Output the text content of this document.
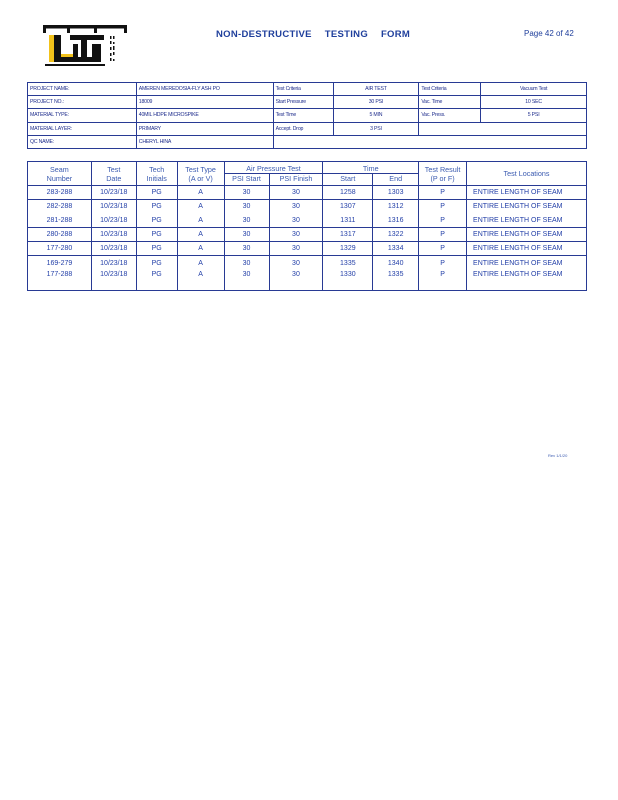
NON-DESTRUCTIVE TESTING FORM	Page 42 of 42
PROJECT NAME:	AMEREN MEREDOSIA-FLY ASH PO	Test Criteria	AIR TEST	Test Criteria	Vacuum Test
PROJECT NO.:	18009	Start Pressure	30 PSI	Vac. Time	10 SEC
MATERIAL TYPE:	40MIL HDPE MICROSPIKE	Test Time	5 MIN	Vac. Press.	5 PSI
MATERIAL LAYER:	PRIMARY	Accept. Drop	3 PSI		
QC NAME:	CHERYL HINA				
Seam	Test	Tech	Test Type	Air Pressure Test		Time		Test Result	Test Locations
Number	Date	Initials	(A or V)	PSI Start	PSI Finish	Start	End	(P or F)	
283-288	10/23/18	PG	A	30	30	1258	1303	P	ENTIRE LENGTH OF SEAM
282-288	10/23/18	PG	A	30	30	1307	1312	P	ENTIRE LENGTH OF SEAM
281-288	10/23/18	PG	A	30	30	1311	1316	P	ENTIRE LENGTH OF SEAM
280-288	10/23/18	PG	A	30	30	1317	1322	P	ENTIRE LENGTH OF SEAM
177-280	10/23/18	PG	A	30	30	1329	1334	P	ENTIRE LENGTH OF SEAM
169-279	10/23/18	PG	A	30	30	1335	1340	P	ENTIRE LENGTH OF SEAM
177-288	10/23/18	PG	A	30	30	1330	1335	P	ENTIRE LENGTH OF SEAM
Rev 1/1/20
